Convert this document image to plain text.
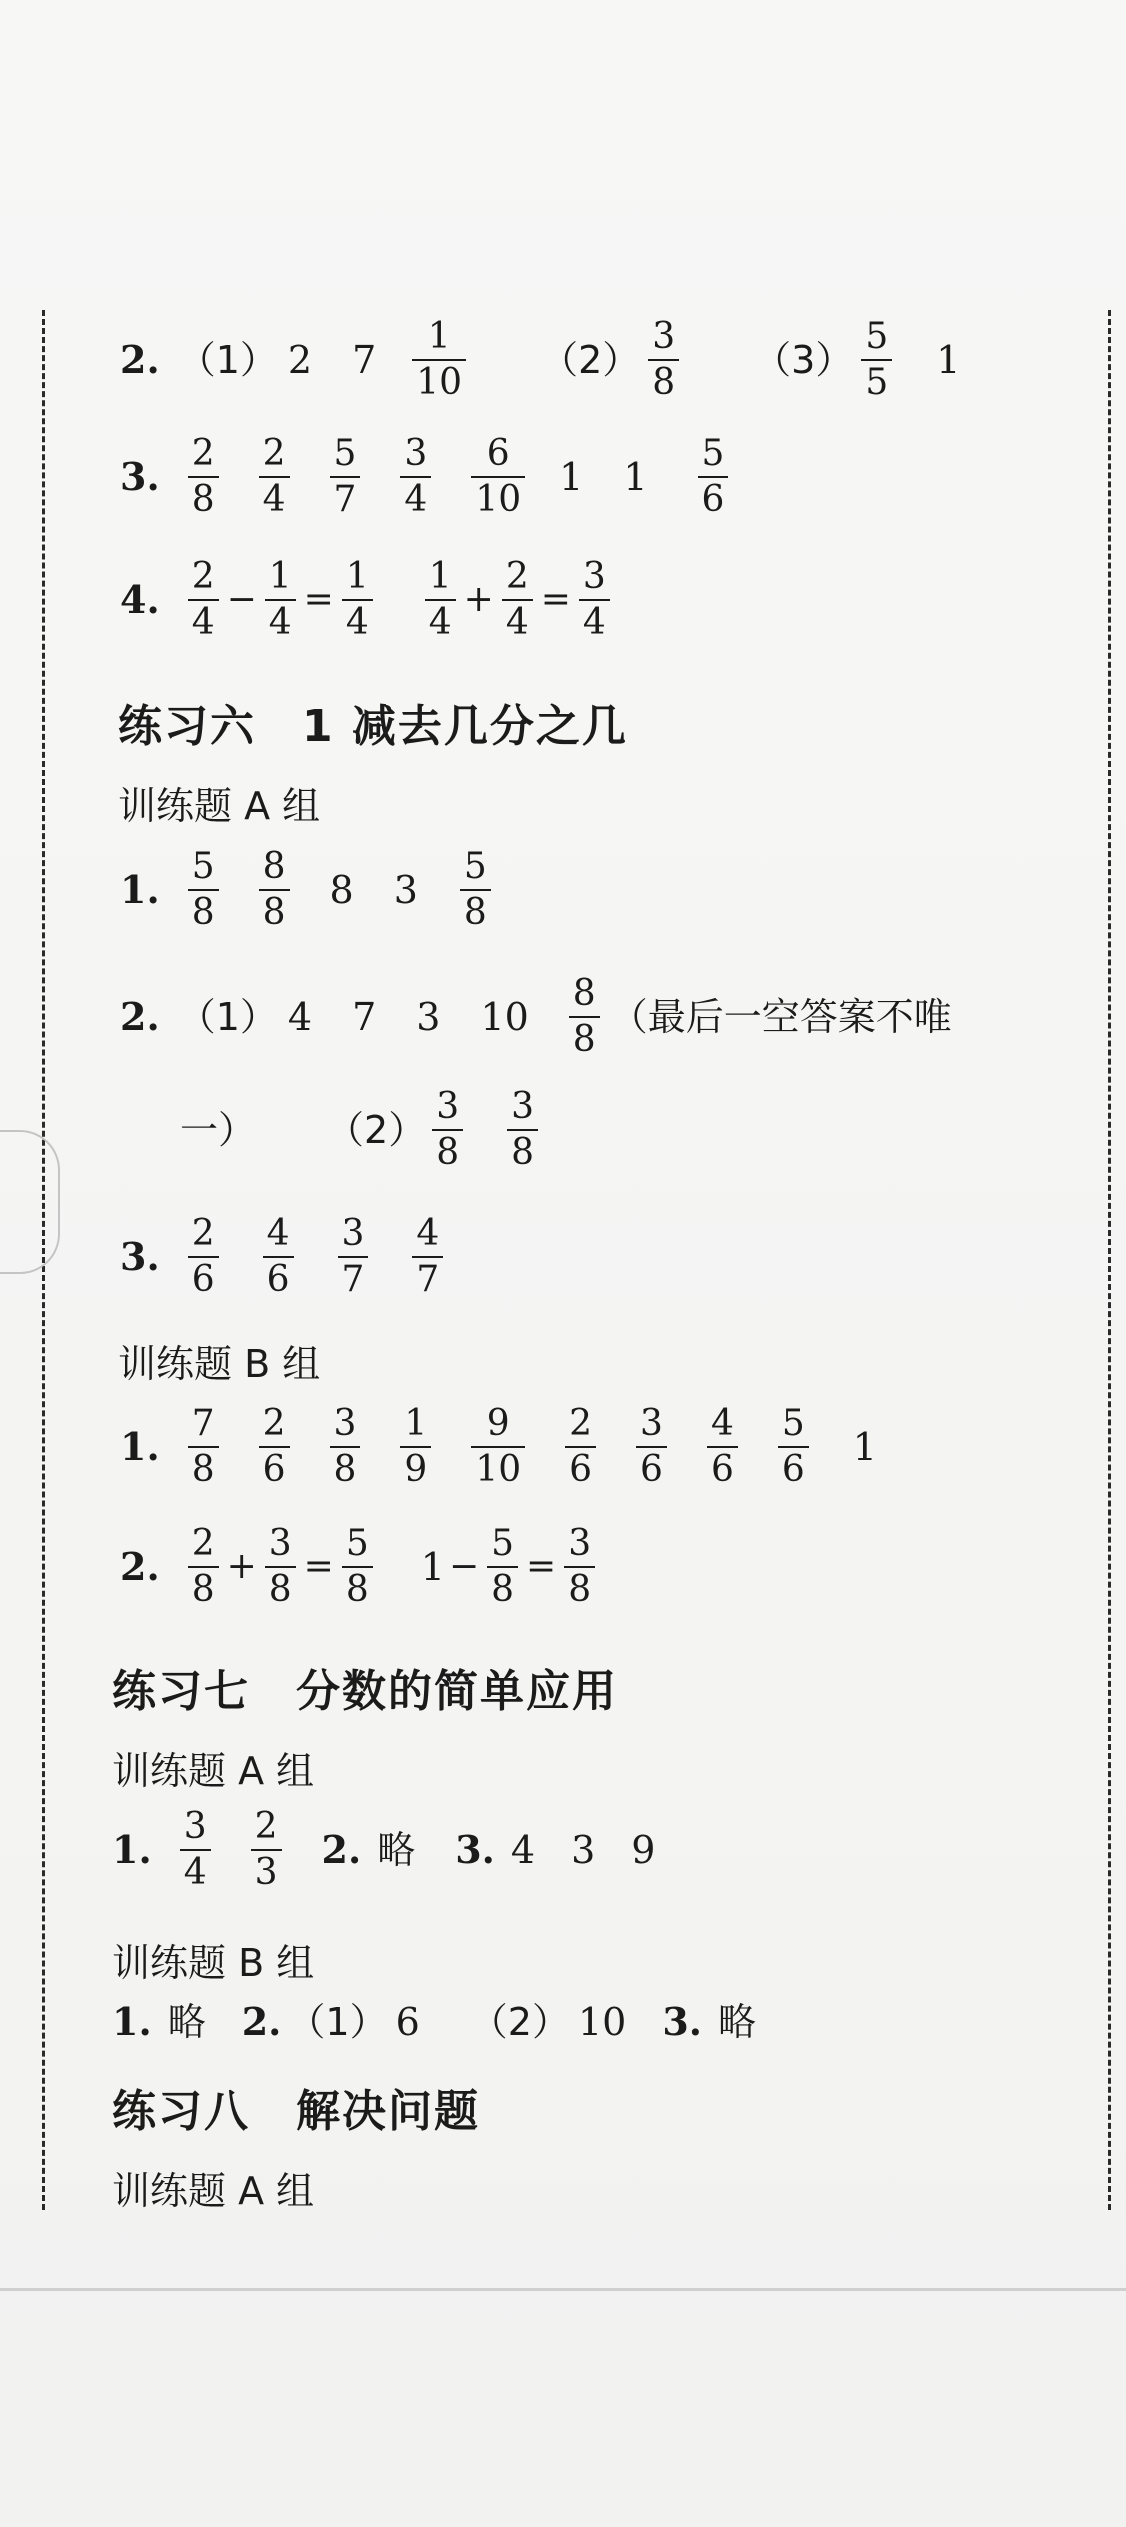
2 . （1） 2 $7 \frac{1}{10} (2) \frac{3}{8} (3) \frac{5}{5} 1$
3 . $\frac{2}{8} \frac{2}{4} \frac{5}{7} \frac{3}{4} \frac{6}{10} 1$ $1 \frac{5}{6}$
4 . $\frac{2}{4} - \frac{1}{4} = \frac{1}{4} \frac{1}{4} + \frac{2}{4} = \frac{3}{4}$
练习六　1 减去几分之几
训练题 A 组
1 . $\frac{5}{8} \frac{8}{8} 8$ $3 \frac{5}{8}$
2 . （1） 4 7 3 $10 \frac{8}{8}$ （最后一空答案不唯
一） $(2) \frac{3}{8} \frac{3}{8}$
3 . $\frac{2}{6} \frac{4}{6} \frac{3}{7} \frac{4}{7}$
训练题 B 组
1 . $\frac{7}{8} \frac{2}{6} \frac{3}{8} \frac{1}{9} \frac{9}{10} \frac{2}{6} \frac{3}{6} \frac{4}{6} \frac{5}{6} 1$
2 . $\frac{2}{8} + \frac{3}{8} = \frac{5}{8} 1 - \frac{5}{8} = \frac{3}{8}$
练习七　分数的简单应用
训练题 A 组
1 . $\frac{3}{4} \frac{2}{3} 2$ . 略 3 . 4 3 9
训练题 B 组
1 . 略 2 . （1） 6 （2） 10 3 . 略
练习八　解决问题
训练题 A 组
